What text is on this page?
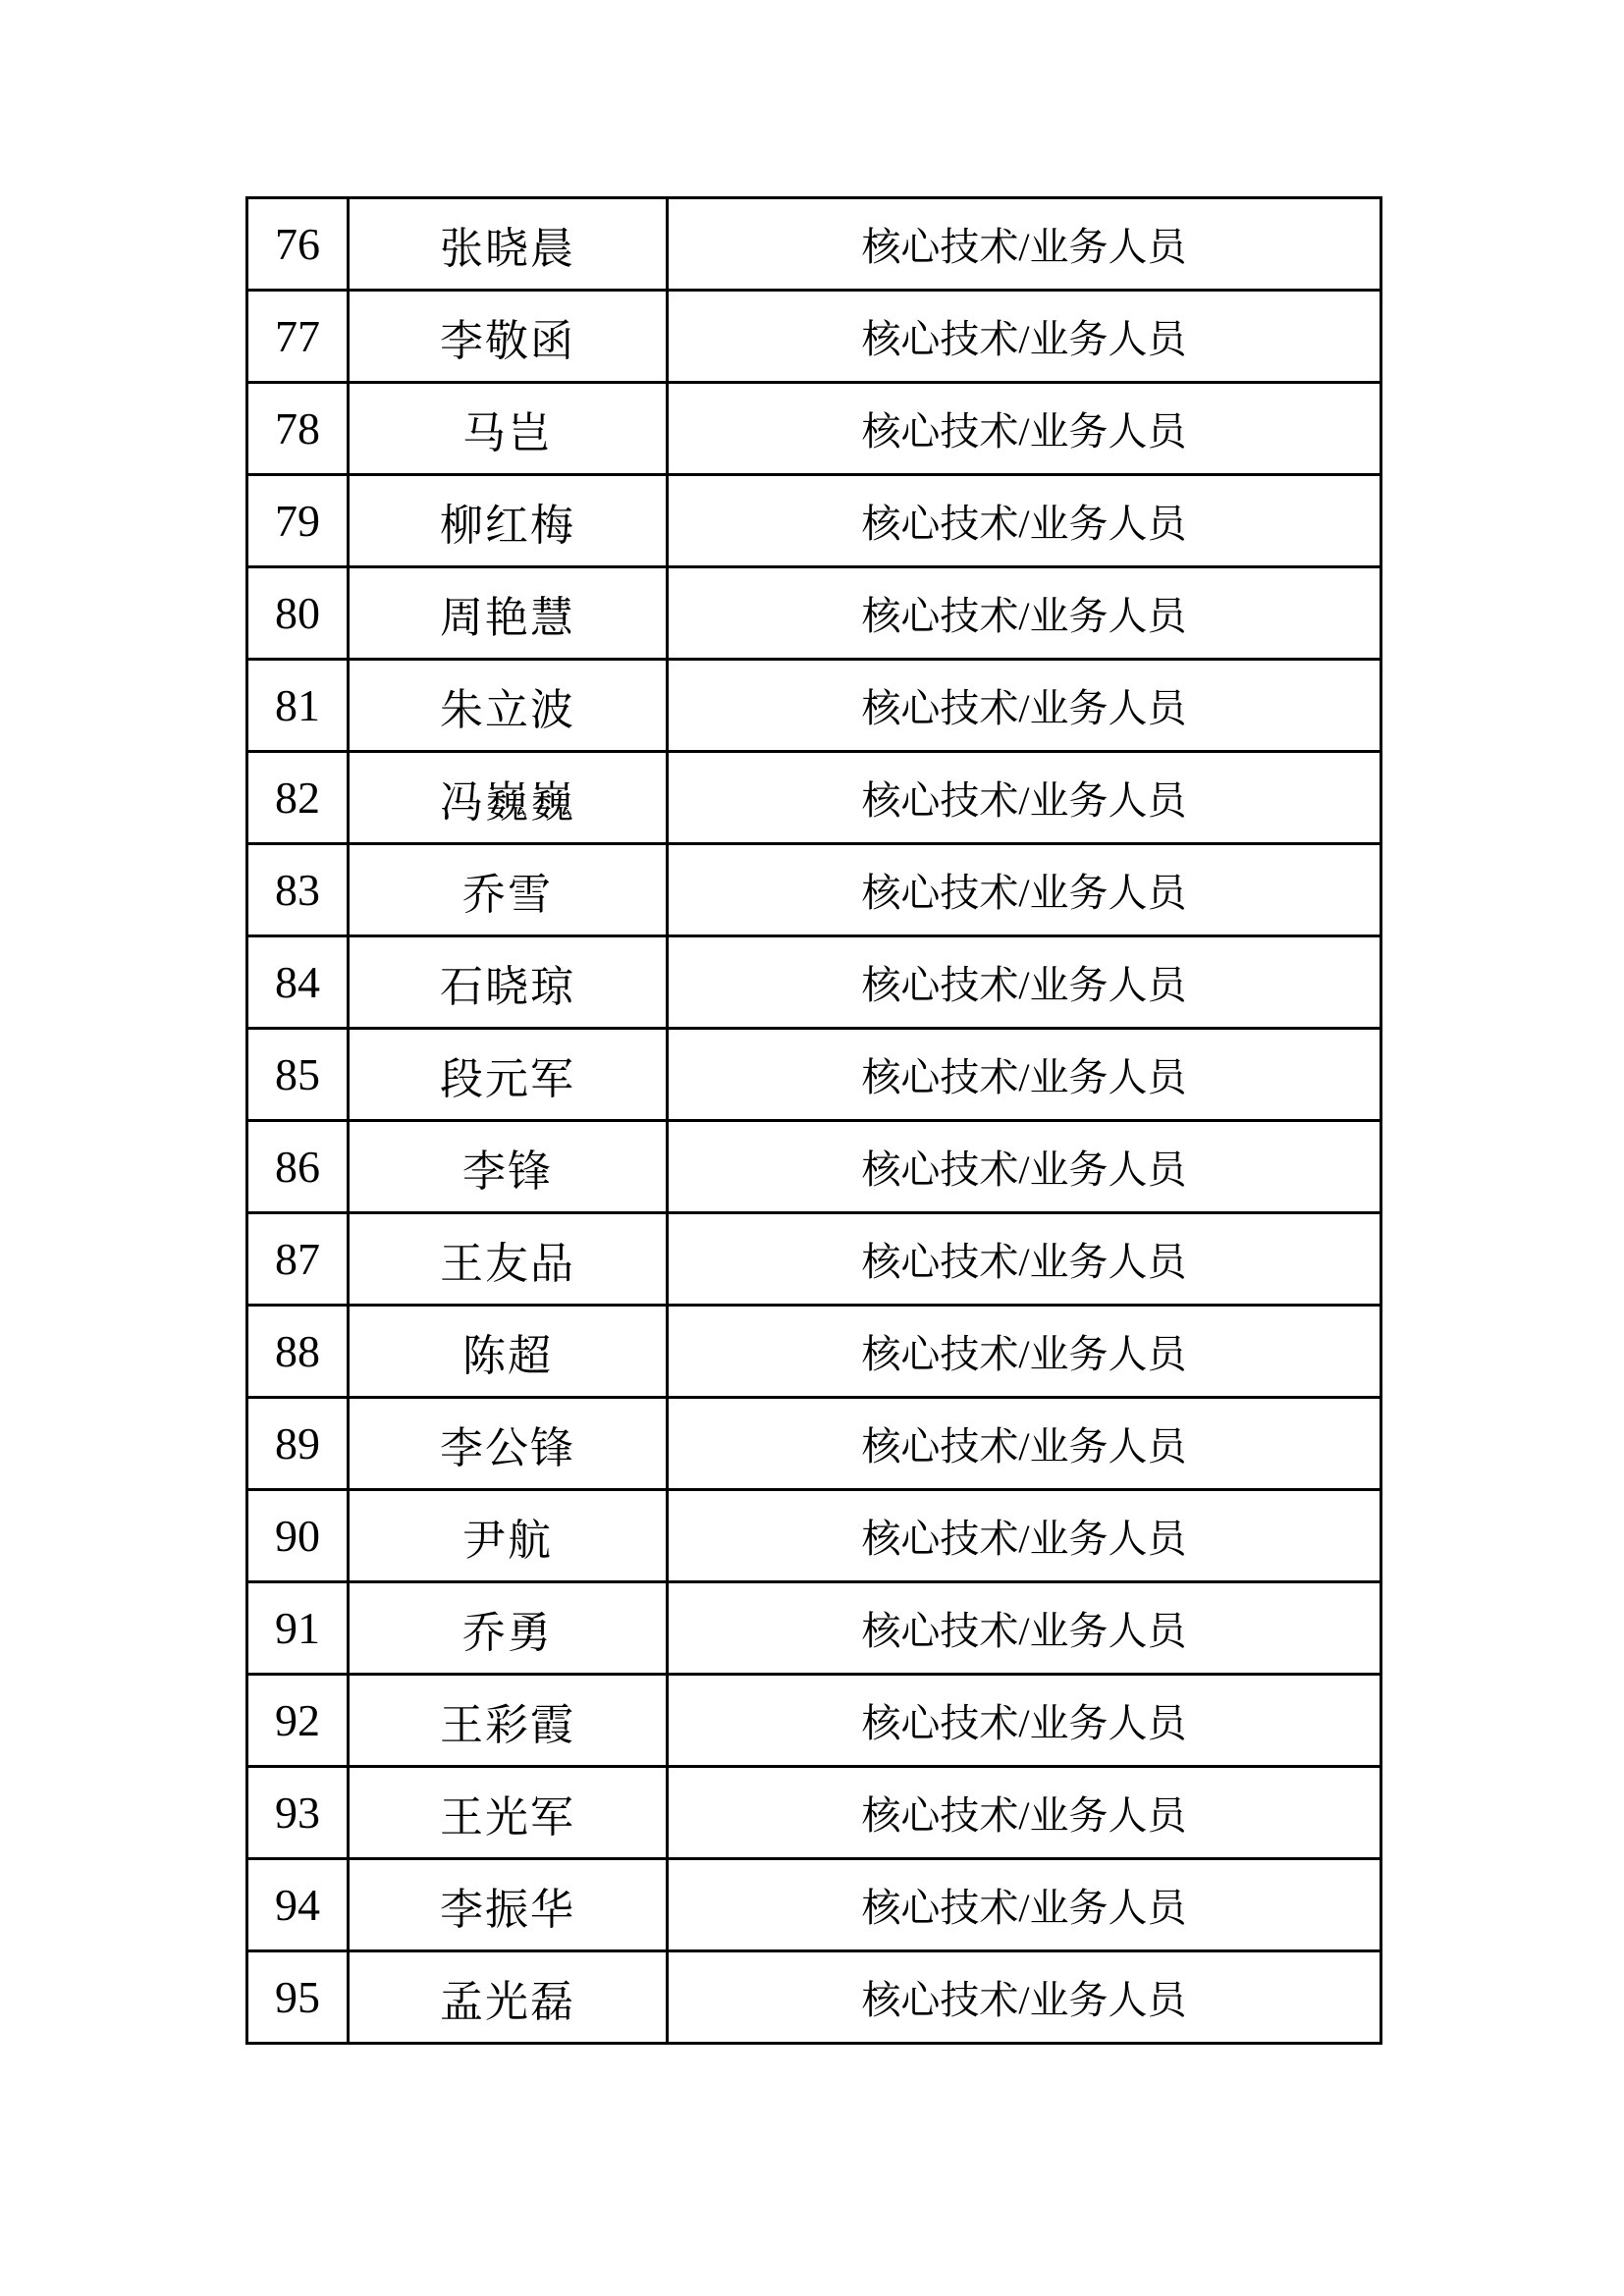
76	张晓晨	核心技术/业务人员
77	李敬函	核心技术/业务人员
78	马岂	核心技术/业务人员
79	柳红梅	核心技术/业务人员
80	周艳慧	核心技术/业务人员
81	朱立波	核心技术/业务人员
82	冯巍巍	核心技术/业务人员
83	乔雪	核心技术/业务人员
84	石晓琼	核心技术/业务人员
85	段元军	核心技术/业务人员
86	李锋	核心技术/业务人员
87	王友品	核心技术/业务人员
88	陈超	核心技术/业务人员
89	李公锋	核心技术/业务人员
90	尹航	核心技术/业务人员
91	乔勇	核心技术/业务人员
92	王彩霞	核心技术/业务人员
93	王光军	核心技术/业务人员
94	李振华	核心技术/业务人员
95	孟光磊	核心技术/业务人员
